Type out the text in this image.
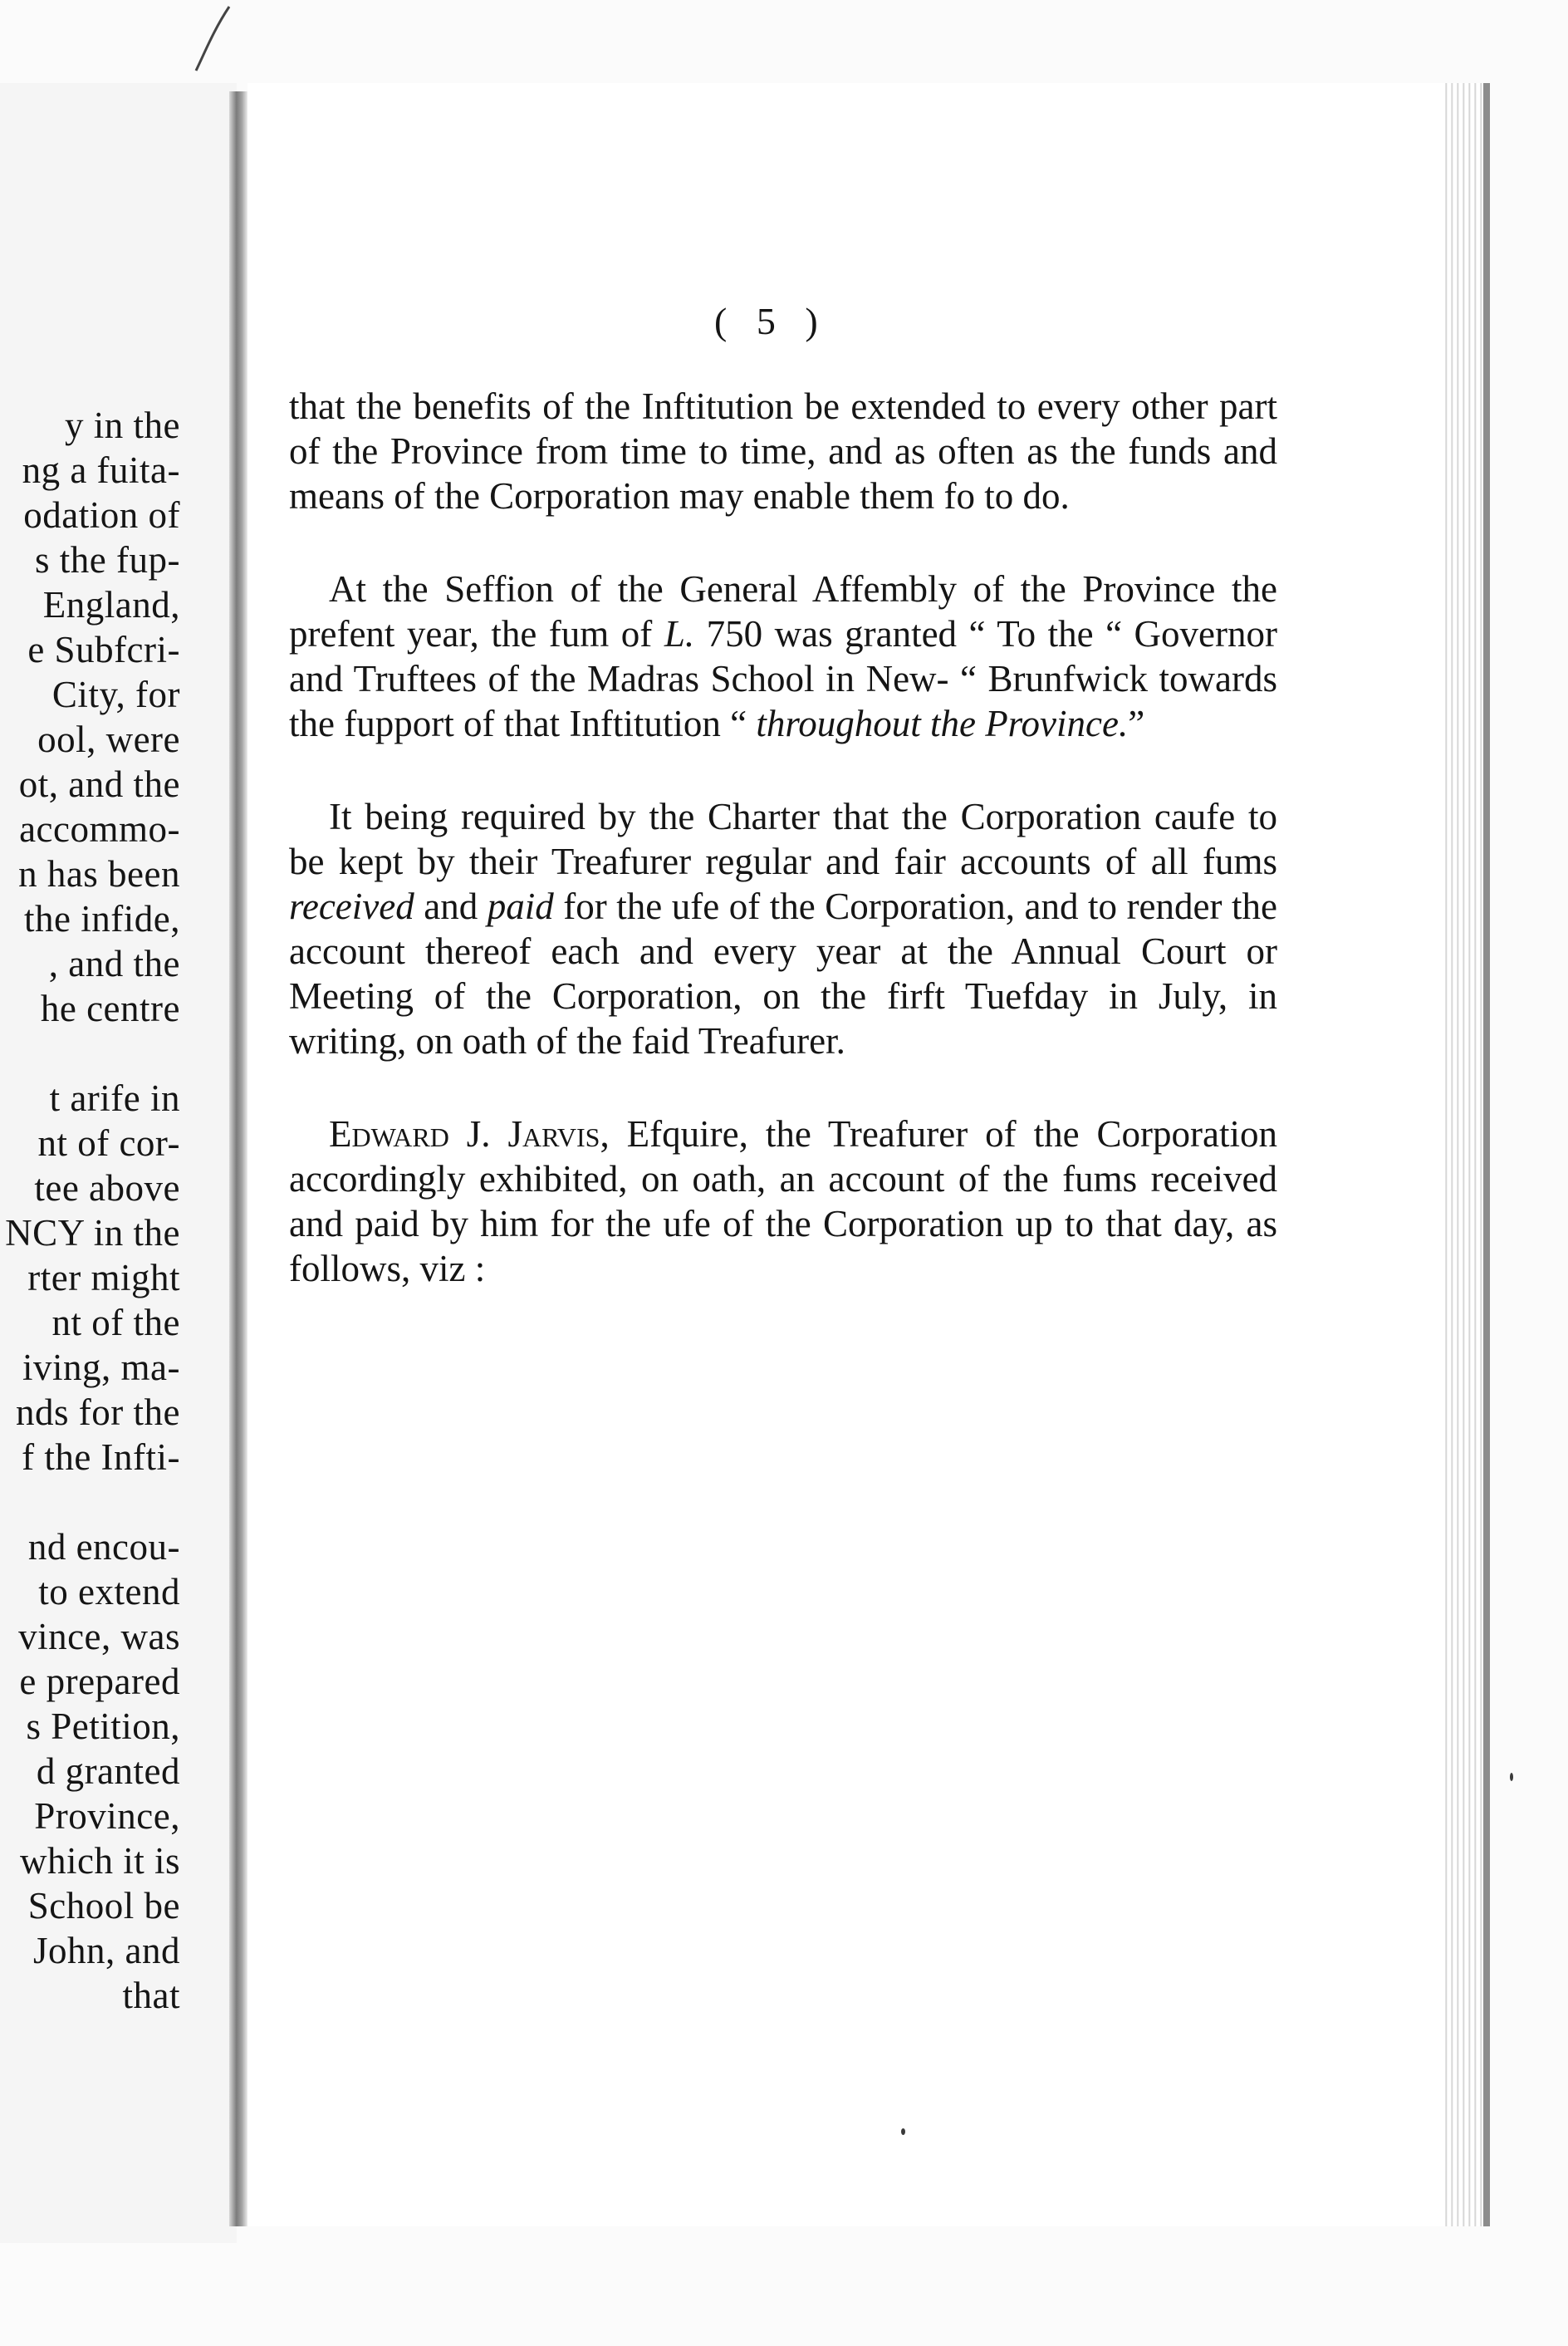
y in the
ng a fuita-
odation of
s the fup-
England,
e Subfcri-
City, for
ool, were
ot, and the
accommo-
n has been
the infide,
, and the
he centre
t arife in
nt of cor-
tee above
NCY in the
rter might
nt of the
iving, ma-
nds for the
f the Infti-
nd encou-
to extend
vince, was
e prepared
s Petition,
d granted
Province,
which it is
School be
John, and
that
( 5 )

that the benefits of the Inftitution be extended to every other part of the Province from time to time, and as often as the funds and means of the Corporation may enable them fo to do.

At the Seffion of the General Affembly of the Province the prefent year, the fum of L. 750 was granted “ To the “ Governor and Truftees of the Madras School in New- “ Brunfwick towards the fupport of that Inftitution “ throughout the Province.”

It being required by the Charter that the Corporation caufe to be kept by their Treafurer regular and fair accounts of all fums received and paid for the ufe of the Corporation, and to render the account thereof each and every year at the Annual Court or Meeting of the Corporation, on the firft Tuefday in July, in writing, on oath of the faid Treafurer.

Edward J. Jarvis, Efquire, the Treafurer of the Corporation accordingly exhibited, on oath, an account of the fums received and paid by him for the ufe of the Corporation up to that day, as follows, viz :
